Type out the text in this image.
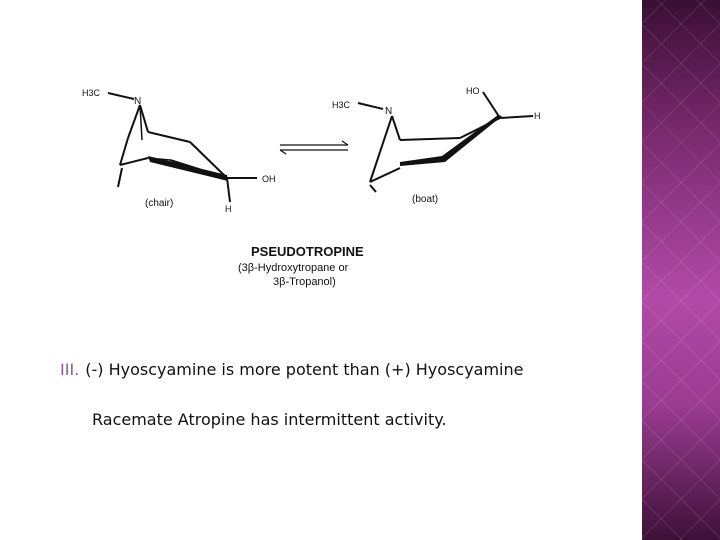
H3C
N
OH
H
(chair)
H3C
N
HO
H
(boat)
PSEUDOTROPINE
(3β-Hydroxytropane or
3β-Tropanol)
III. (-) Hyoscyamine is more potent than (+) Hyoscyamine
Racemate Atropine has intermittent activity.
